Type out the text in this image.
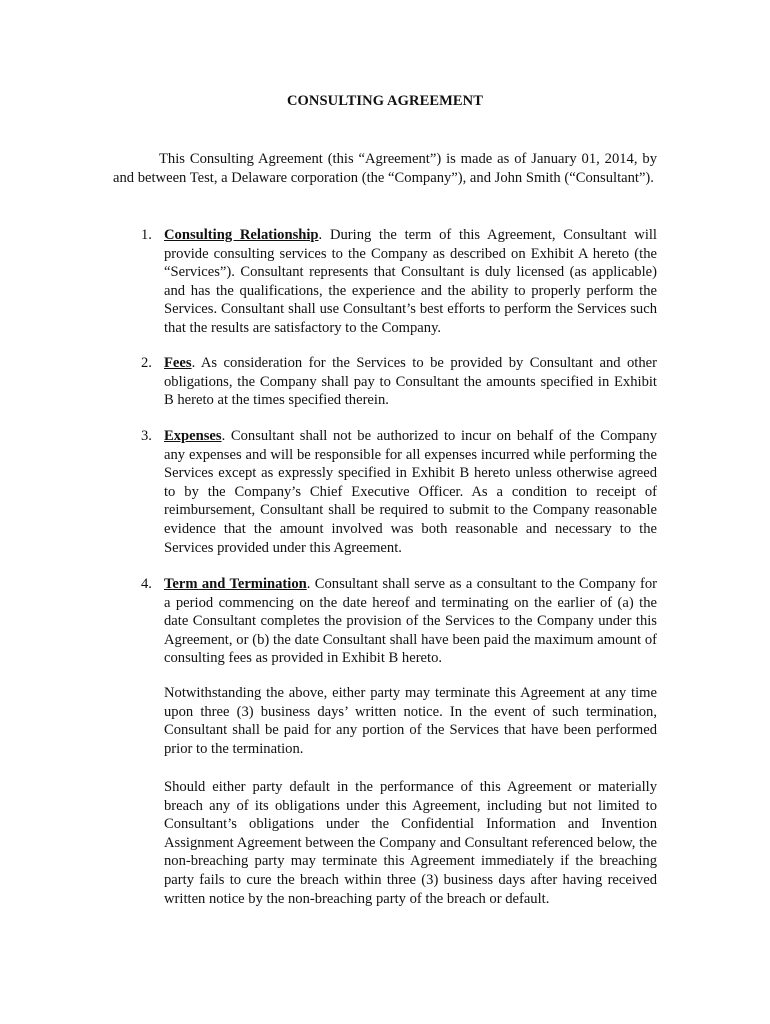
CONSULTING AGREEMENT

This Consulting Agreement (this “Agreement”) is made as of January 01, 2014, by and between Test, a Delaware corporation (the “Company”), and John Smith (“Consultant”).

1. Consulting Relationship. During the term of this Agreement, Consultant will provide consulting services to the Company as described on Exhibit A hereto (the “Services”). Consultant represents that Consultant is duly licensed (as applicable) and has the qualifications, the experience and the ability to properly perform the Services. Consultant shall use Consultant’s best efforts to perform the Services such that the results are satisfactory to the Company.
2. Fees. As consideration for the Services to be provided by Consultant and other obligations, the Company shall pay to Consultant the amounts specified in Exhibit B hereto at the times specified therein.
3. Expenses. Consultant shall not be authorized to incur on behalf of the Company any expenses and will be responsible for all expenses incurred while performing the Services except as expressly specified in Exhibit B hereto unless otherwise agreed to by the Company’s Chief Executive Officer. As a condition to receipt of reimbursement, Consultant shall be required to submit to the Company reasonable evidence that the amount involved was both reasonable and necessary to the Services provided under this Agreement.
4. Term and Termination. Consultant shall serve as a consultant to the Company for a period commencing on the date hereof and terminating on the earlier of (a) the date Consultant completes the provision of the Services to the Company under this Agreement, or (b) the date Consultant shall have been paid the maximum amount of consulting fees as provided in Exhibit B hereto.

Notwithstanding the above, either party may terminate this Agreement at any time upon three (3) business days’ written notice. In the event of such termination, Consultant shall be paid for any portion of the Services that have been performed prior to the termination.

Should either party default in the performance of this Agreement or materially breach any of its obligations under this Agreement, including but not limited to Consultant’s obligations under the Confidential Information and Invention Assignment Agreement between the Company and Consultant referenced below, the non-breaching party may terminate this Agreement immediately if the breaching party fails to cure the breach within three (3) business days after having received written notice by the non-breaching party of the breach or default.
